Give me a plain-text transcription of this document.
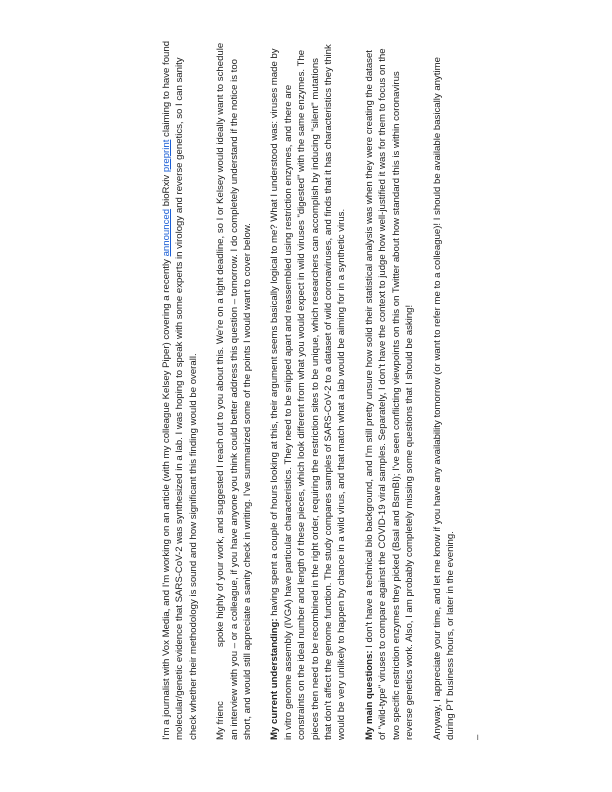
I'm a journalist with Vox Media, and I'm working on an article (with my colleague Kelsey Piper) covering a recently announced bioRxiv preprint claiming to have found molecular/genetic evidence that SARS-CoV-2 was synthesized in a lab. I was hoping to speak with some experts in virology and reverse genetics, so I can sanity check whether their methodology is sound and how significant this finding would be overall. My friencspoke highly of your work, and suggested I reach out to you about this. We're on a tight deadline, so I or Kelsey would ideally want to schedule an interview with you – or a colleague, if you have anyone you think could better address this question – tomorrow. I do completely understand if the notice is too short, and would still appreciate a sanity check in writing. I've summarized some of the points I would want to cover below. My current understanding: having spent a couple of hours looking at this, their argument seems basically logical to me? What I understood was: viruses made by in vitro genome assembly (IVGA) have particular characteristics. They need to be snipped apart and reassembled using restriction enzymes, and there are constraints on the ideal number and length of these pieces, which look different from what you would expect in wild viruses "digested" with the same enzymes. The pieces then need to be recombined in the right order, requiring the restriction sites to be unique, which researchers can accomplish by inducing "silent" mutations that don't affect the genome function. The study compares samples of SARS-CoV-2 to a dataset of wild coronaviruses, and finds that it has characteristics they think would be very unlikely to happen by chance in a wild virus, and that match what a lab would be aiming for in a synthetic virus. My main questions: I don't have a technical bio background, and I'm still pretty unsure how solid their statistical analysis was when they were creating the dataset of "wild-type" viruses to compare against the COVID-19 viral samples. Separately, I don't have the context to judge how well-justified it was for them to focus on the two specific restriction enzymes they picked (BsaI and BsmBI); I've seen conflicting viewpoints on this on Twitter about how standard this is within coronavirus reverse genetics work. Also, I am probably completely missing some questions that I should be asking! Anyway, I appreciate your time, and let me know if you have any availability tomorrow (or want to refer me to a colleague)! I should be available basically anytime during PT business hours, or later in the evening. –
